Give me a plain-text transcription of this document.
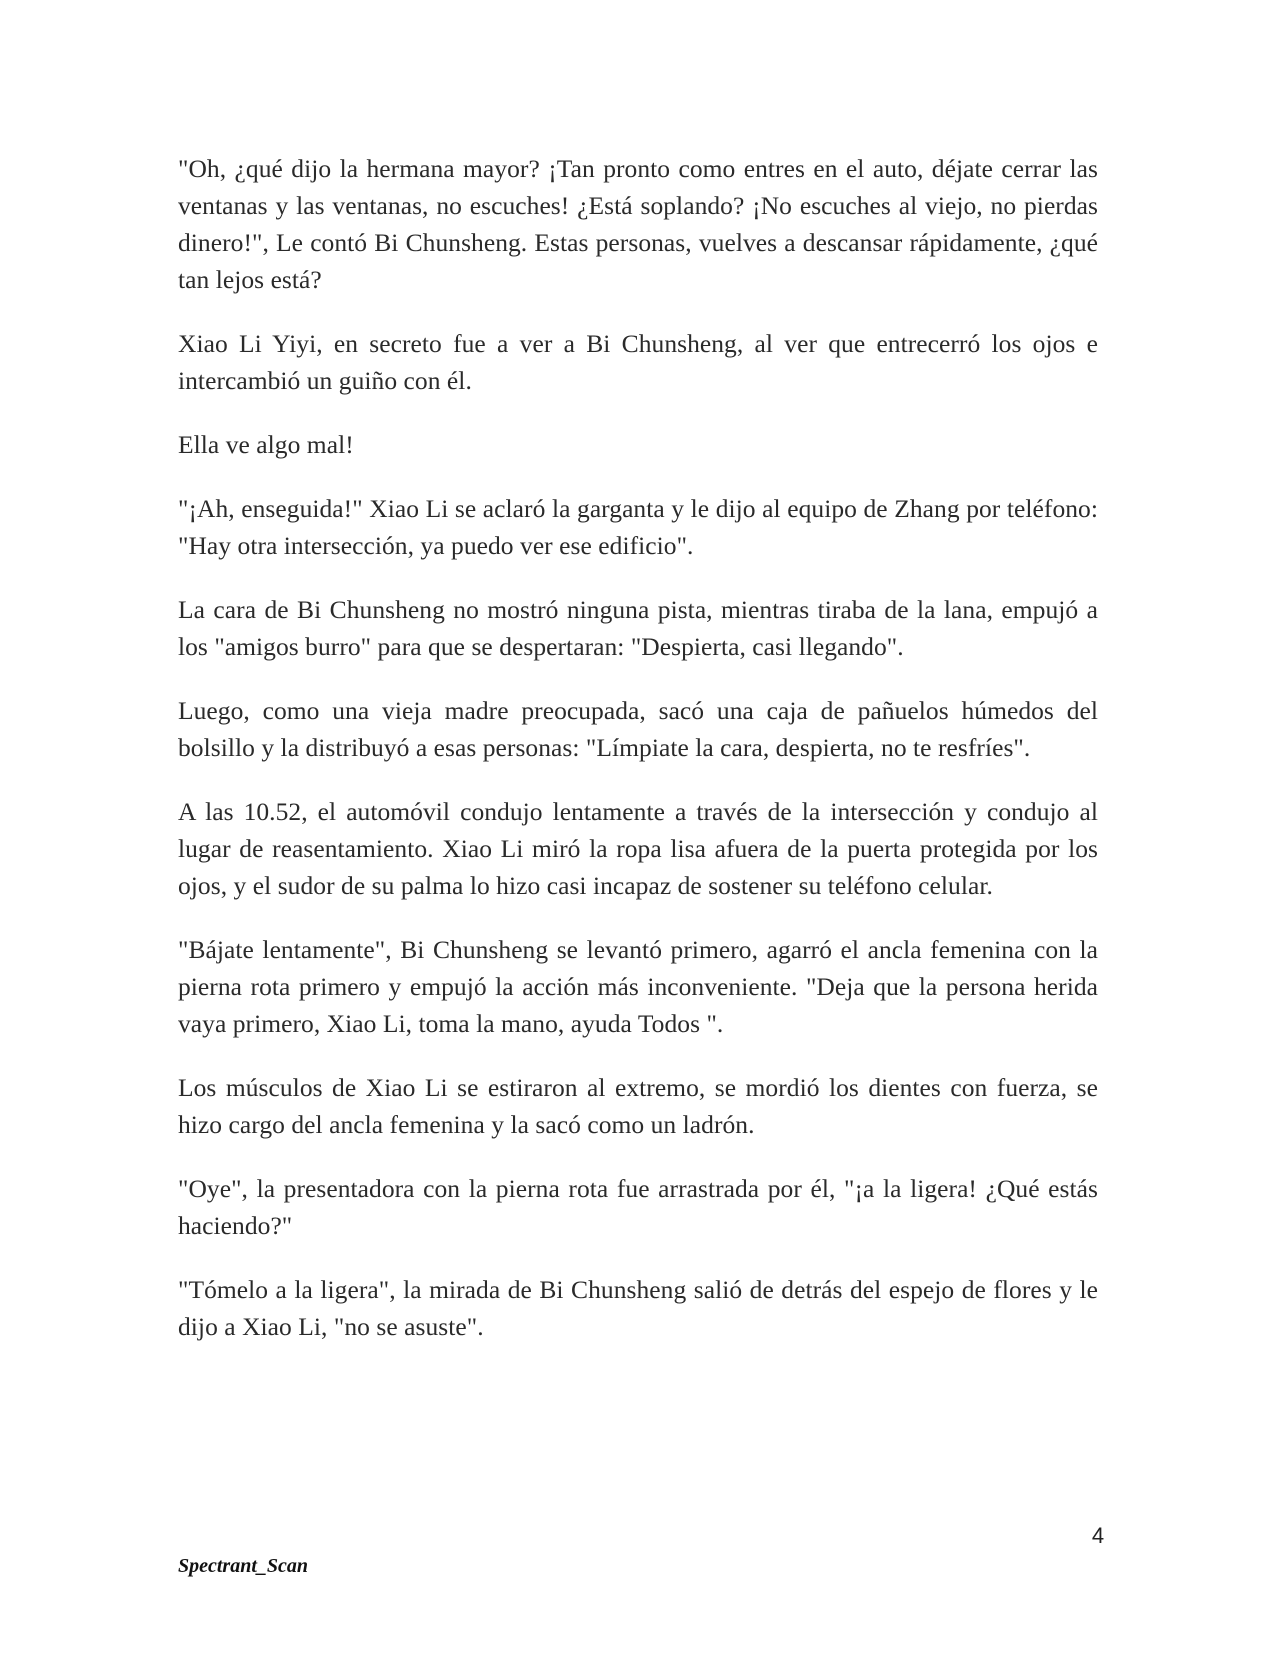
"Oh, ¿qué dijo la hermana mayor? ¡Tan pronto como entres en el auto, déjate cerrar las ventanas y las ventanas, no escuches! ¿Está soplando? ¡No escuches al viejo, no pierdas dinero!", Le contó Bi Chunsheng. Estas personas, vuelves a descansar rápidamente, ¿qué tan lejos está?

Xiao Li Yiyi, en secreto fue a ver a Bi Chunsheng, al ver que entrecerró los ojos e intercambió un guiño con él.

Ella ve algo mal!

"¡Ah, enseguida!" Xiao Li se aclaró la garganta y le dijo al equipo de Zhang por teléfono: "Hay otra intersección, ya puedo ver ese edificio".

La cara de Bi Chunsheng no mostró ninguna pista, mientras tiraba de la lana, empujó a los "amigos burro" para que se despertaran: "Despierta, casi llegando".

Luego, como una vieja madre preocupada, sacó una caja de pañuelos húmedos del bolsillo y la distribuyó a esas personas: "Límpiate la cara, despierta, no te resfríes".

A las 10.52, el automóvil condujo lentamente a través de la intersección y condujo al lugar de reasentamiento. Xiao Li miró la ropa lisa afuera de la puerta protegida por los ojos, y el sudor de su palma lo hizo casi incapaz de sostener su teléfono celular.

"Bájate lentamente", Bi Chunsheng se levantó primero, agarró el ancla femenina con la pierna rota primero y empujó la acción más inconveniente. "Deja que la persona herida vaya primero, Xiao Li, toma la mano, ayuda Todos ".

Los músculos de Xiao Li se estiraron al extremo, se mordió los dientes con fuerza, se hizo cargo del ancla femenina y la sacó como un ladrón.

"Oye", la presentadora con la pierna rota fue arrastrada por él, "¡a la ligera! ¿Qué estás haciendo?"

"Tómelo a la ligera", la mirada de Bi Chunsheng salió de detrás del espejo de flores y le dijo a Xiao Li, "no se asuste".

4
Spectrant_Scan
